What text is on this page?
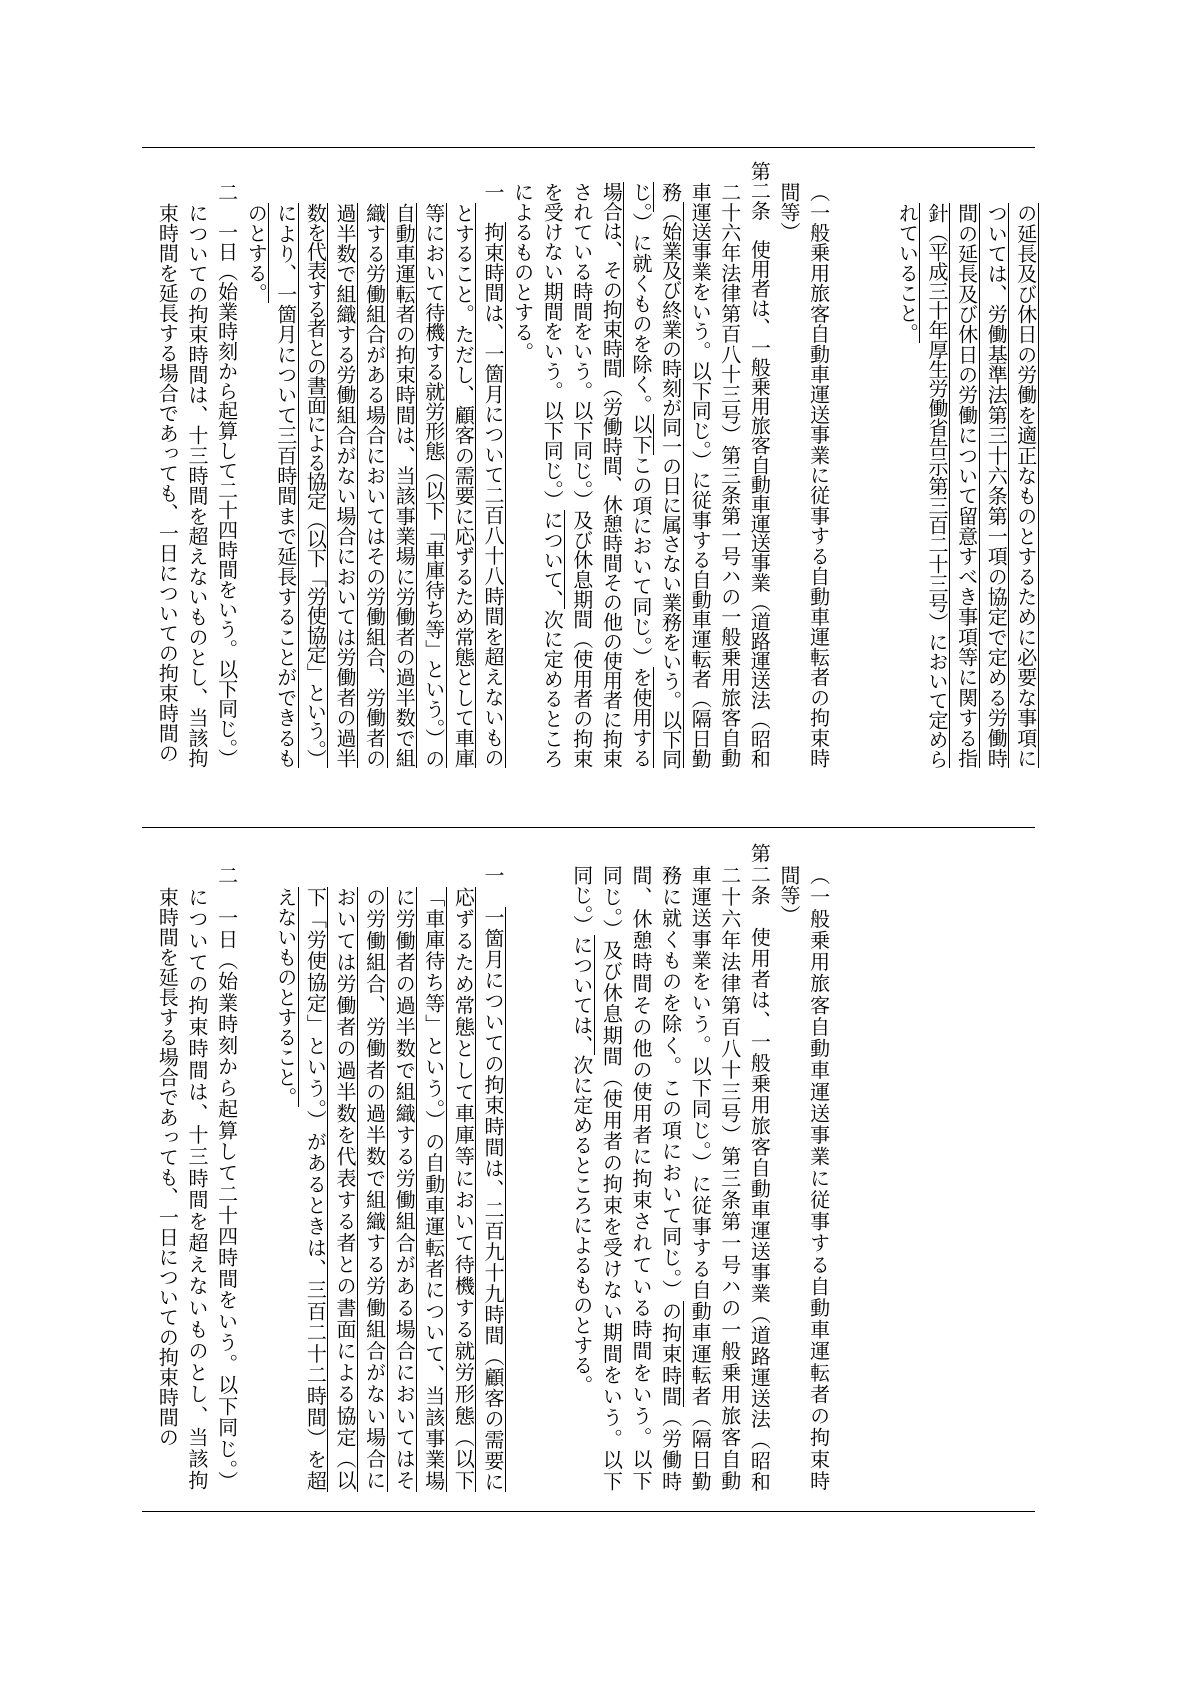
の延長及び休日の労働を適正なものとするために必要な事項に
ついては、労働基準法第三十六条第一項の協定で定める労働時
間の延長及び休日の労働について留意すべき事項等に関する指
針（平成三十年厚生労働省告示第三百二十三号）において定めら
れていること。
（一般乗用旅客自動車運送事業に従事する自動車運転者の拘束時
間等）
第二条　使用者は、一般乗用旅客自動車運送事業（道路運送法（昭和
二十六年法律第百八十三号）第三条第一号ハの一般乗用旅客自動
車運送事業をいう。以下同じ。）に従事する自動車運転者（隔日勤
務（始業及び終業の時刻が同一の日に属さない業務をいう。以下同
じ。）に就くものを除く。以下この項において同じ。）を使用する
場合は、その拘束時間（労働時間、休憩時間その他の使用者に拘束
されている時間をいう。以下同じ。）及び休息期間（使用者の拘束
を受けない期間をいう。以下同じ。）について、次に定めるところ
によるものとする。
一　拘束時間は、一箇月について二百八十八時間を超えないもの
とすること。ただし、顧客の需要に応ずるため常態として車庫
等において待機する就労形態（以下「車庫待ち等」という。）の
自動車運転者の拘束時間は、当該事業場に労働者の過半数で組
織する労働組合がある場合においてはその労働組合、労働者の
過半数で組織する労働組合がない場合においては労働者の過半
数を代表する者との書面による協定（以下「労使協定」という。）
により、一箇月について三百時間まで延長することができるも
のとする。
二　一日（始業時刻から起算して二十四時間をいう。以下同じ。）
についての拘束時間は、十三時間を超えないものとし、当該拘
束時間を延長する場合であっても、一日についての拘束時間の
（一般乗用旅客自動車運送事業に従事する自動車運転者の拘束時
間等）
第二条　使用者は、一般乗用旅客自動車運送事業（道路運送法（昭和
二十六年法律第百八十三号）第三条第一号ハの一般乗用旅客自動
車運送事業をいう。以下同じ。）に従事する自動車運転者（隔日勤
務に就くものを除く。この項において同じ。）の拘束時間（労働時
間、休憩時間その他の使用者に拘束されている時間をいう。以下
同じ。）及び休息期間（使用者の拘束を受けない期間をいう。以下
同じ。）については、次に定めるところによるものとする。
一　一箇月についての拘束時間は、二百九十九時間（顧客の需要に
応ずるため常態として車庫等において待機する就労形態（以下
「車庫待ち等」という。）の自動車運転者について、当該事業場
に労働者の過半数で組織する労働組合がある場合においてはそ
の労働組合、労働者の過半数で組織する労働組合がない場合に
おいては労働者の過半数を代表する者との書面による協定（以
下「労使協定」という。）があるときは、三百二十二時間）を超
えないものとすること。
二　一日（始業時刻から起算して二十四時間をいう。以下同じ。）
についての拘束時間は、十三時間を超えないものとし、当該拘
束時間を延長する場合であっても、一日についての拘束時間の
